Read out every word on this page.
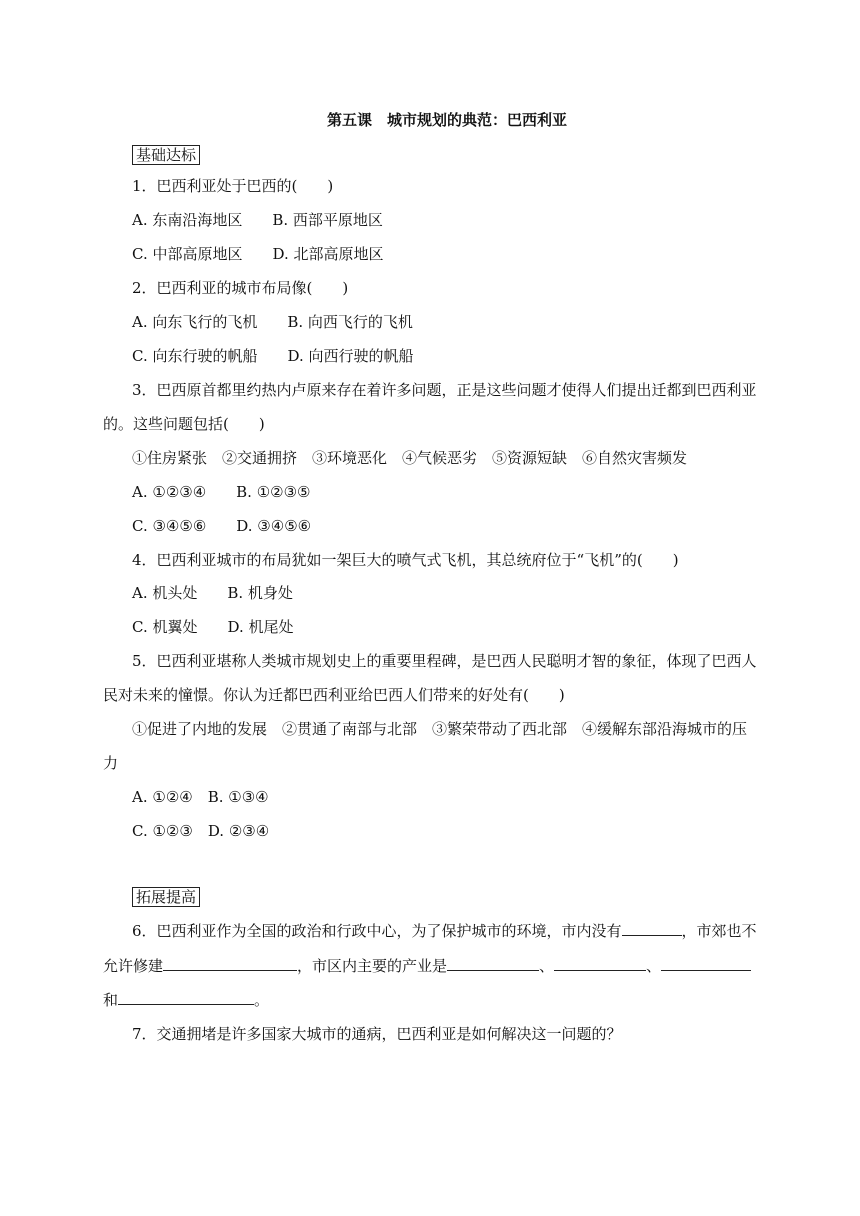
第五课　城市规划的典范：巴西利亚
基础达标
1．巴西利亚处于巴西的(　　)
A. 东南沿海地区　　B. 西部平原地区
C. 中部高原地区　　D. 北部高原地区
2．巴西利亚的城市布局像(　　)
A. 向东飞行的飞机　　B. 向西飞行的飞机
C. 向东行驶的帆船　　D. 向西行驶的帆船
3．巴西原首都里约热内卢原来存在着许多问题，正是这些问题才使得人们提出迁都到巴西利亚
的。这些问题包括(　　)
①住房紧张　②交通拥挤　③环境恶化　④气候恶劣　⑤资源短缺　⑥自然灾害频发
A. ①②③④　　B. ①②③⑤
C. ③④⑤⑥　　D. ③④⑤⑥
4．巴西利亚城市的布局犹如一架巨大的喷气式飞机，其总统府位于“飞机”的(　　)
A. 机头处　　B. 机身处
C. 机翼处　　D. 机尾处
5．巴西利亚堪称人类城市规划史上的重要里程碑，是巴西人民聪明才智的象征，体现了巴西人
民对未来的憧憬。你认为迁都巴西利亚给巴西人们带来的好处有(　　)
①促进了内地的发展　②贯通了南部与北部　③繁荣带动了西北部　④缓解东部沿海城市的压
力
A. ①②④　B. ①③④
C. ①②③　D. ②③④
拓展提高
6．巴西利亚作为全国的政治和行政中心，为了保护城市的环境，市内没有	，市郊也不
允许修建	，市区内主要的产业是	、	、
和	。
7．交通拥堵是许多国家大城市的通病，巴西利亚是如何解决这一问题的？
